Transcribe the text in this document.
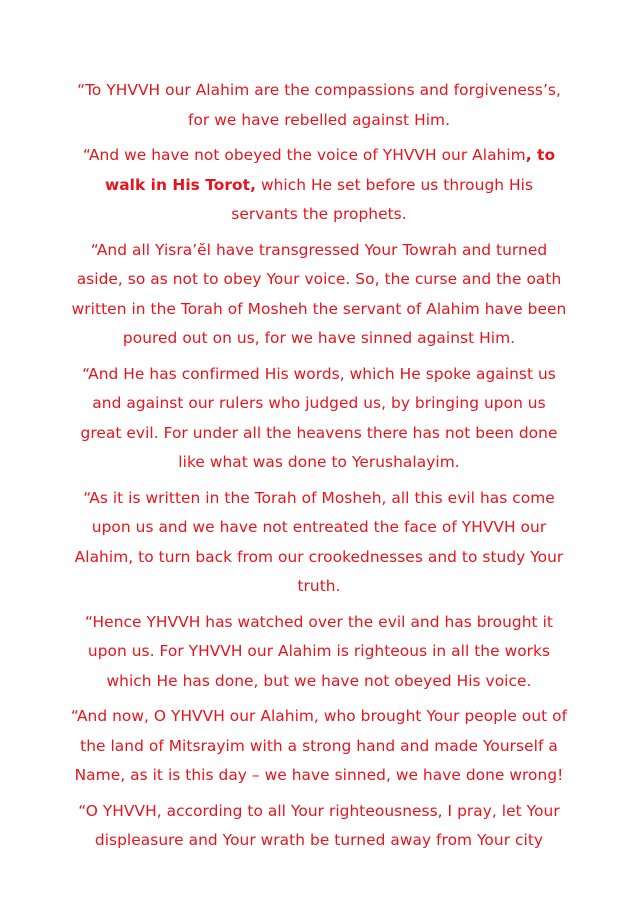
“To YHVVH our Alahim are the compassions and forgiveness’s, for we have rebelled against Him.

“And we have not obeyed the voice of YHVVH our Alahim, to walk in His Torot, which He set before us through His servants the prophets.

“And all Yisra’ĕl have transgressed Your Towrah and turned aside, so as not to obey Your voice. So, the curse and the oath written in the Torah of Mosheh the servant of Alahim have been poured out on us, for we have sinned against Him.

“And He has confirmed His words, which He spoke against us and against our rulers who judged us, by bringing upon us great evil. For under all the heavens there has not been done like what was done to Yerushalayim.

“As it is written in the Torah of Mosheh, all this evil has come upon us and we have not entreated the face of YHVVH our Alahim, to turn back from our crookednesses and to study Your truth.

“Hence YHVVH has watched over the evil and has brought it upon us. For YHVVH our Alahim is righteous in all the works which He has done, but we have not obeyed His voice.

“And now, O YHVVH our Alahim, who brought Your people out of the land of Mitsrayim with a strong hand and made Yourself a Name, as it is this day – we have sinned, we have done wrong!

“O YHVVH, according to all Your righteousness, I pray, let Your displeasure and Your wrath be turned away from Your city
